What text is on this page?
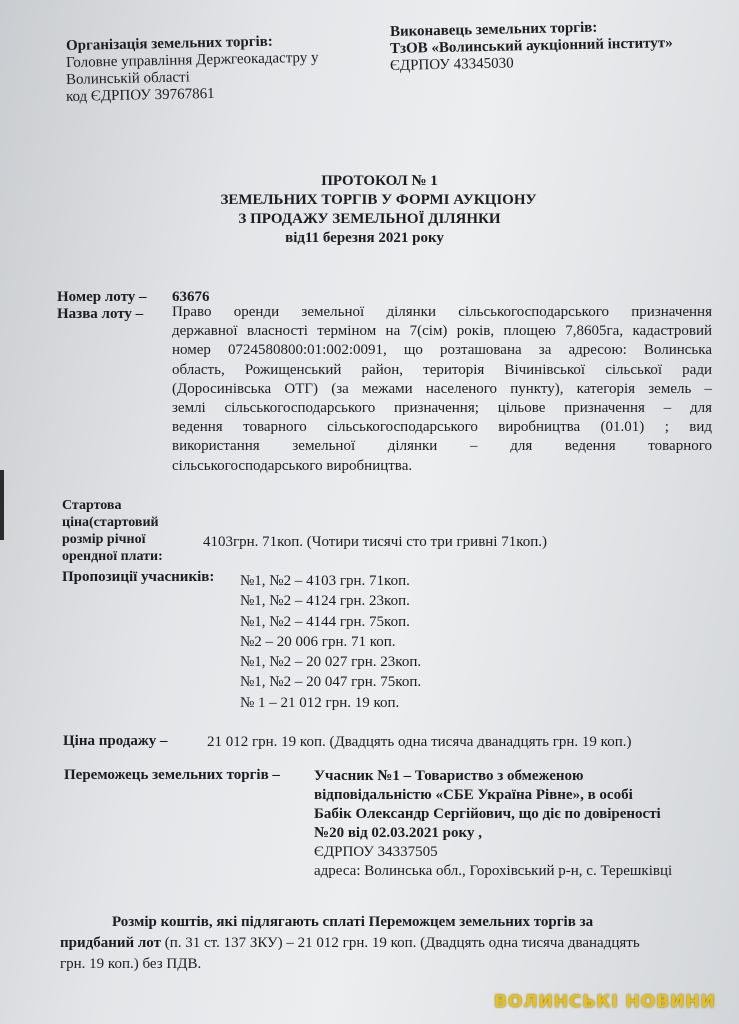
Організація земельних торгів:
Головне управління Держгеокадастру у
Волинській області
код ЄДРПОУ 39767861
Виконавець земельних торгів:
ТзОВ «Волинський аукціонний інститут»
ЄДРПОУ 43345030
ПРОТОКОЛ № 1
ЗЕМЕЛЬНИХ ТОРГІВ У ФОРМІ АУКЦІОНУ
З ПРОДАЖУ ЗЕМЕЛЬНОЇ ДІЛЯНКИ
від11 березня 2021 року
Номер лоту – 63676
Назва лоту – Право оренди земельної ділянки сільськогосподарського призначення
державної власності терміном на 7(сім) років, площею 7,8605га, кадастровий
номер 0724580800:01:002:0091, що розташована за адресою: Волинська
область, Рожищенський район, територія Вічинівської сільської ради
(Доросинівська ОТГ) (за межами населеного пункту), категорія земель –
землі сільськогосподарського призначення; цільове призначення – для
ведення товарного сільськогосподарського виробництва (01.01) ; вид
використання земельної ділянки – для ведення товарного
сільськогосподарського виробництва.
Стартова
ціна(стартовий
розмір річної
орендної плати:
4103грн. 71коп. (Чотири тисячі сто три гривні 71коп.)
Пропозиції учасників: №1, №2 – 4103 грн. 71коп.
№1, №2 – 4124 грн. 23коп.
№1, №2 – 4144 грн. 75коп.
№2 – 20 006 грн. 71 коп.
№1, №2 – 20 027 грн. 23коп.
№1, №2 – 20 047 грн. 75коп.
№ 1 – 21 012 грн. 19 коп.
Ціна продажу –	21 012 грн. 19 коп. (Двадцять одна тисяча дванадцять грн. 19 коп.)
Переможець земельних торгів – Учасник №1 – Товариство з обмеженою
відповідальністю «СБЕ Україна Рівне», в особі
Бабік Олександр Сергійович, що діє по довіреності
№20 від 02.03.2021 року ,
ЄДРПОУ 34337505
адреса: Волинська обл., Горохівський р-н, с. Терешківці
Розмір коштів, які підлягають сплаті Переможцем земельних торгів за
придбаний лот (п. 31 ст. 137 ЗКУ) – 21 012 грн. 19 коп. (Двадцять одна тисяча дванадцять
грн. 19 коп.) без ПДВ.
ВОЛИНСЬКІ НОВИНИ
